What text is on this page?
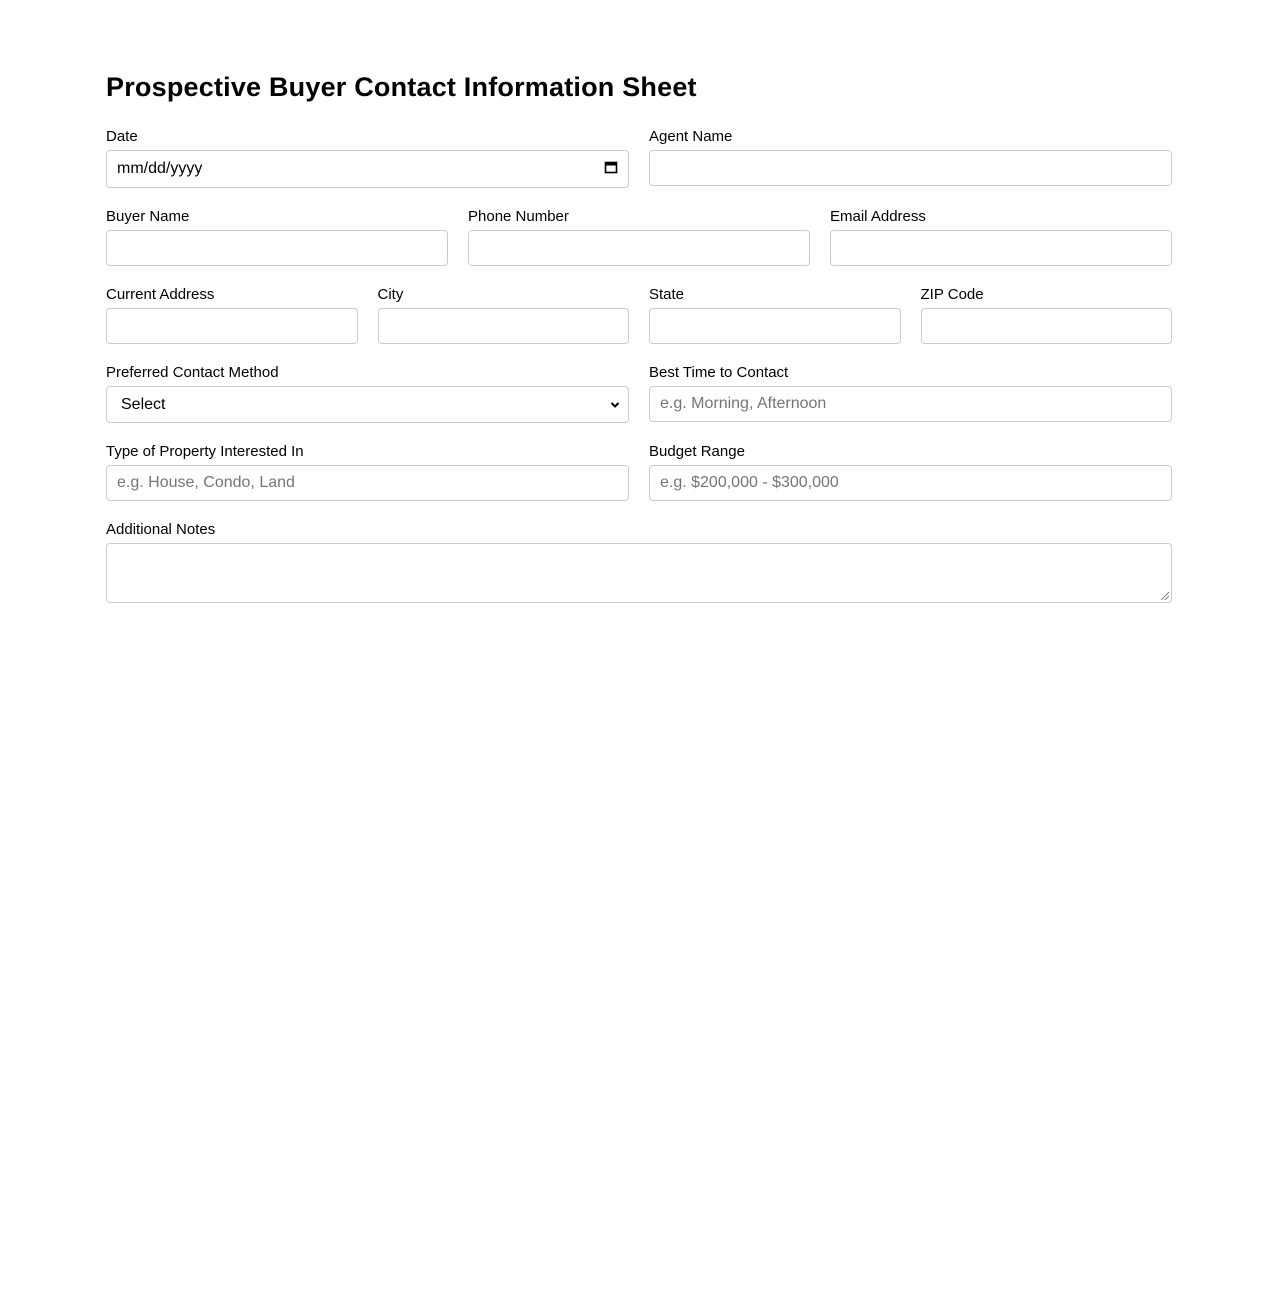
Prospective Buyer Contact Information Sheet
Date
mm/dd/yyyy
Agent Name
Buyer Name	Phone Number	Email Address
Current Address	City	State	ZIP Code
Preferred Contact Method
Select
Best Time to Contact
e.g. Morning, Afternoon
Type of Property Interested In
e.g. House, Condo, Land
Budget Range
e.g. $200,000 - $300,000
Additional Notes
